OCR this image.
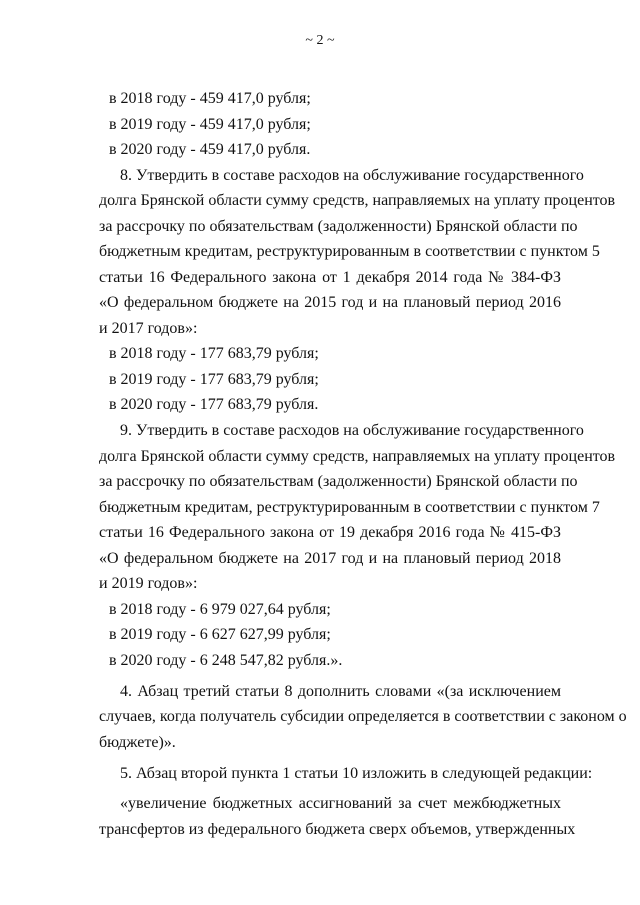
~ 2 ~
в 2018 году - 459 417,0 рубля;
в 2019 году - 459 417,0 рубля;
в 2020 году - 459 417,0 рубля.
8. Утвердить в составе расходов на обслуживание государственного
долга Брянской области сумму средств, направляемых на уплату процентов
за рассрочку по обязательствам (задолженности) Брянской области по
бюджетным кредитам, реструктурированным в соответствии с пунктом 5
статьи 16 Федерального закона от 1 декабря 2014 года № 384-ФЗ
«О федеральном бюджете на 2015 год и на плановый период 2016
и 2017 годов»:
в 2018 году - 177 683,79 рубля;
в 2019 году - 177 683,79 рубля;
в 2020 году - 177 683,79 рубля.
9. Утвердить в составе расходов на обслуживание государственного
долга Брянской области сумму средств, направляемых на уплату процентов
за рассрочку по обязательствам (задолженности) Брянской области по
бюджетным кредитам, реструктурированным в соответствии с пунктом 7
статьи 16 Федерального закона от 19 декабря 2016 года № 415-ФЗ
«О федеральном бюджете на 2017 год и на плановый период 2018
и 2019 годов»:
в 2018 году - 6 979 027,64 рубля;
в 2019 году - 6 627 627,99 рубля;
в 2020 году - 6 248 547,82 рубля.».
4. Абзац третий статьи 8 дополнить словами «(за исключением
случаев, когда получатель субсидии определяется в соответствии с законом о
бюджете)».
5. Абзац второй пункта 1 статьи 10 изложить в следующей редакции:
«увеличение бюджетных ассигнований за счет межбюджетных
трансфертов из федерального бюджета сверх объемов, утвержденных
